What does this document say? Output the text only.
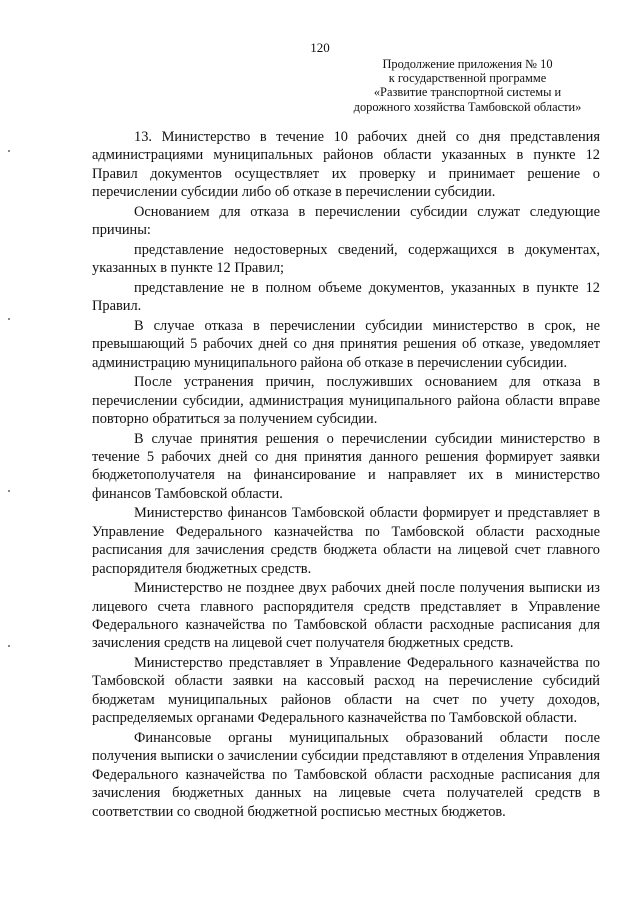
120
Продолжение приложения № 10
к государственной программе
«Развитие транспортной системы и
дорожного хозяйства Тамбовской области»

13. Министерство в течение 10 рабочих дней со дня представления администрациями муниципальных районов области указанных в пункте 12 Правил документов осуществляет их проверку и принимает решение о перечислении субсидии либо об отказе в перечислении субсидии.

Основанием для отказа в перечислении субсидии служат следующие причины:

представление недостоверных сведений, содержащихся в документах, указанных в пункте 12 Правил;

представление не в полном объеме документов, указанных в пункте 12 Правил.

В случае отказа в перечислении субсидии министерство в срок, не превышающий 5 рабочих дней со дня принятия решения об отказе, уведомляет администрацию муниципального района об отказе в перечислении субсидии.

После устранения причин, послуживших основанием для отказа в перечислении субсидии, администрация муниципального района области вправе повторно обратиться за получением субсидии.

В случае принятия решения о перечислении субсидии министерство в течение 5 рабочих дней со дня принятия данного решения формирует заявки бюджетополучателя на финансирование и направляет их в министерство финансов Тамбовской области.

Министерство финансов Тамбовской области формирует и представляет в Управление Федерального казначейства по Тамбовской области расходные расписания для зачисления средств бюджета области на лицевой счет главного распорядителя бюджетных средств.

Министерство не позднее двух рабочих дней после получения выписки из лицевого счета главного распорядителя средств представляет в Управление Федерального казначейства по Тамбовской области расходные расписания для зачисления средств на лицевой счет получателя бюджетных средств.

Министерство представляет в Управление Федерального казначейства по Тамбовской области заявки на кассовый расход на перечисление субсидий бюджетам муниципальных районов области на счет по учету доходов, распределяемых органами Федерального казначейства по Тамбовской области.

Финансовые органы муниципальных образований области после получения выписки о зачислении субсидии представляют в отделения Управления Федерального казначейства по Тамбовской области расходные расписания для зачисления бюджетных данных на лицевые счета получателей средств в соответствии со сводной бюджетной росписью местных бюджетов.
